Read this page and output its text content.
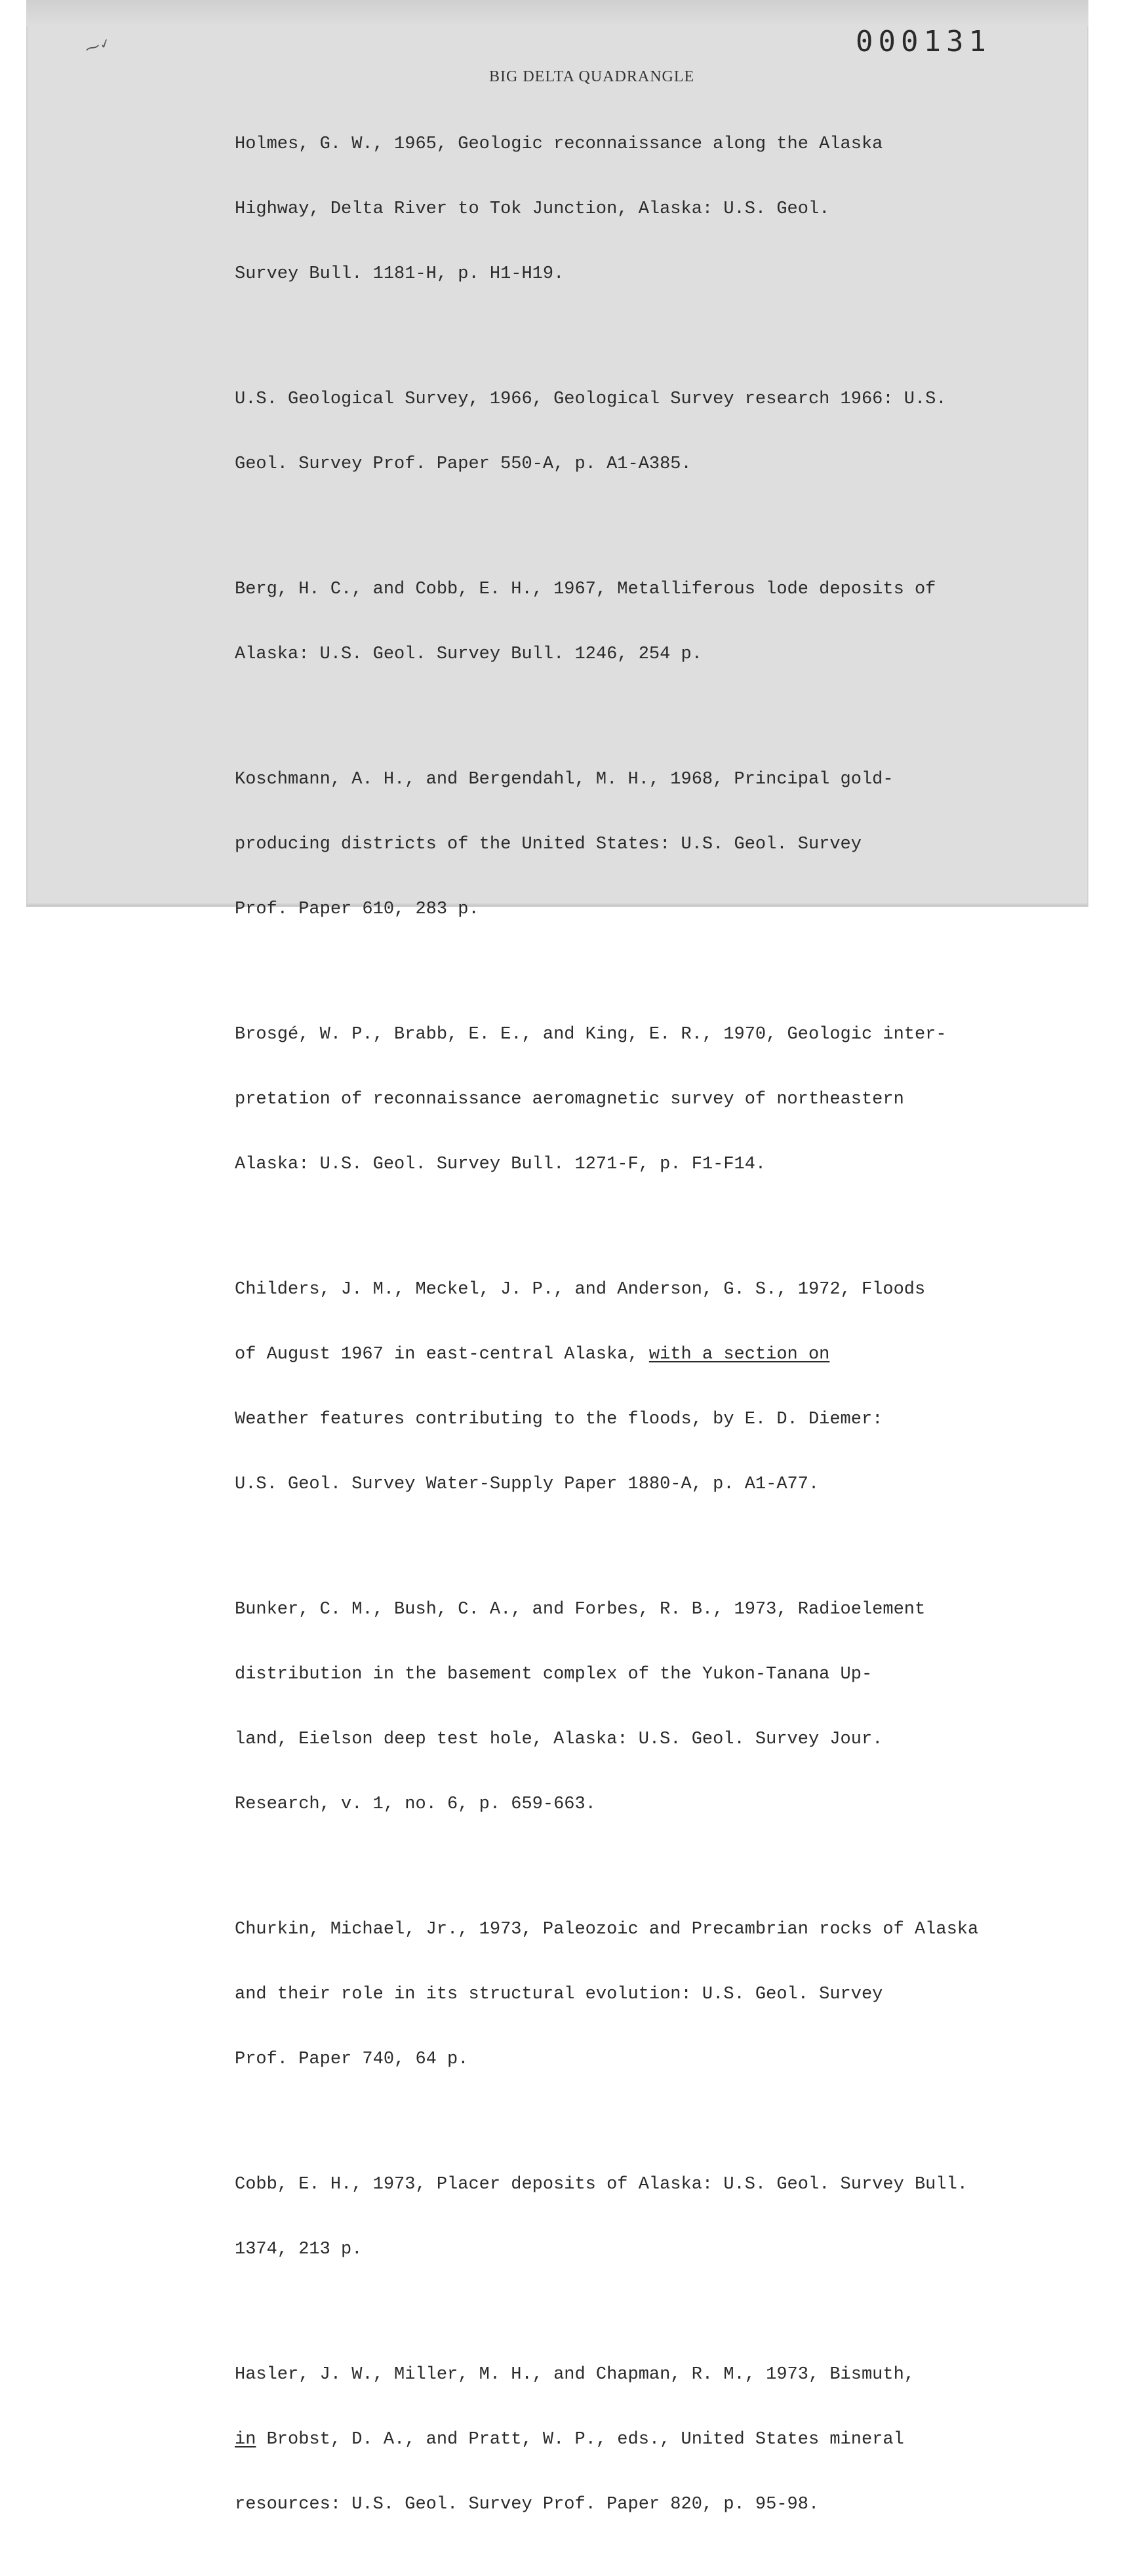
⁓✓	000131
BIG DELTA QUADRANGLE

Holmes, G. W., 1965, Geologic reconnaissance along the Alaska

Highway, Delta River to Tok Junction, Alaska: U.S. Geol.

Survey Bull. 1181-H, p. H1-H19.

U.S. Geological Survey, 1966, Geological Survey research 1966: U.S.

Geol. Survey Prof. Paper 550-A, p. A1-A385.

Berg, H. C., and Cobb, E. H., 1967, Metalliferous lode deposits of

Alaska: U.S. Geol. Survey Bull. 1246, 254 p.

Koschmann, A. H., and Bergendahl, M. H., 1968, Principal gold-

producing districts of the United States: U.S. Geol. Survey

Prof. Paper 610, 283 p.

Brosgé, W. P., Brabb, E. E., and King, E. R., 1970, Geologic inter-

pretation of reconnaissance aeromagnetic survey of northeastern

Alaska: U.S. Geol. Survey Bull. 1271-F, p. F1-F14.

Childers, J. M., Meckel, J. P., and Anderson, G. S., 1972, Floods

of August 1967 in east-central Alaska, with a section on

Weather features contributing to the floods, by E. D. Diemer:

U.S. Geol. Survey Water-Supply Paper 1880-A, p. A1-A77.

Bunker, C. M., Bush, C. A., and Forbes, R. B., 1973, Radioelement

distribution in the basement complex of the Yukon-Tanana Up-

land, Eielson deep test hole, Alaska: U.S. Geol. Survey Jour.

Research, v. 1, no. 6, p. 659-663.

Churkin, Michael, Jr., 1973, Paleozoic and Precambrian rocks of Alaska

and their role in its structural evolution: U.S. Geol. Survey

Prof. Paper 740, 64 p.

Cobb, E. H., 1973, Placer deposits of Alaska: U.S. Geol. Survey Bull.

1374, 213 p.

Hasler, J. W., Miller, M. H., and Chapman, R. M., 1973, Bismuth,

in Brobst, D. A., and Pratt, W. P., eds., United States mineral

resources: U.S. Geol. Survey Prof. Paper 820, p. 95-98.
